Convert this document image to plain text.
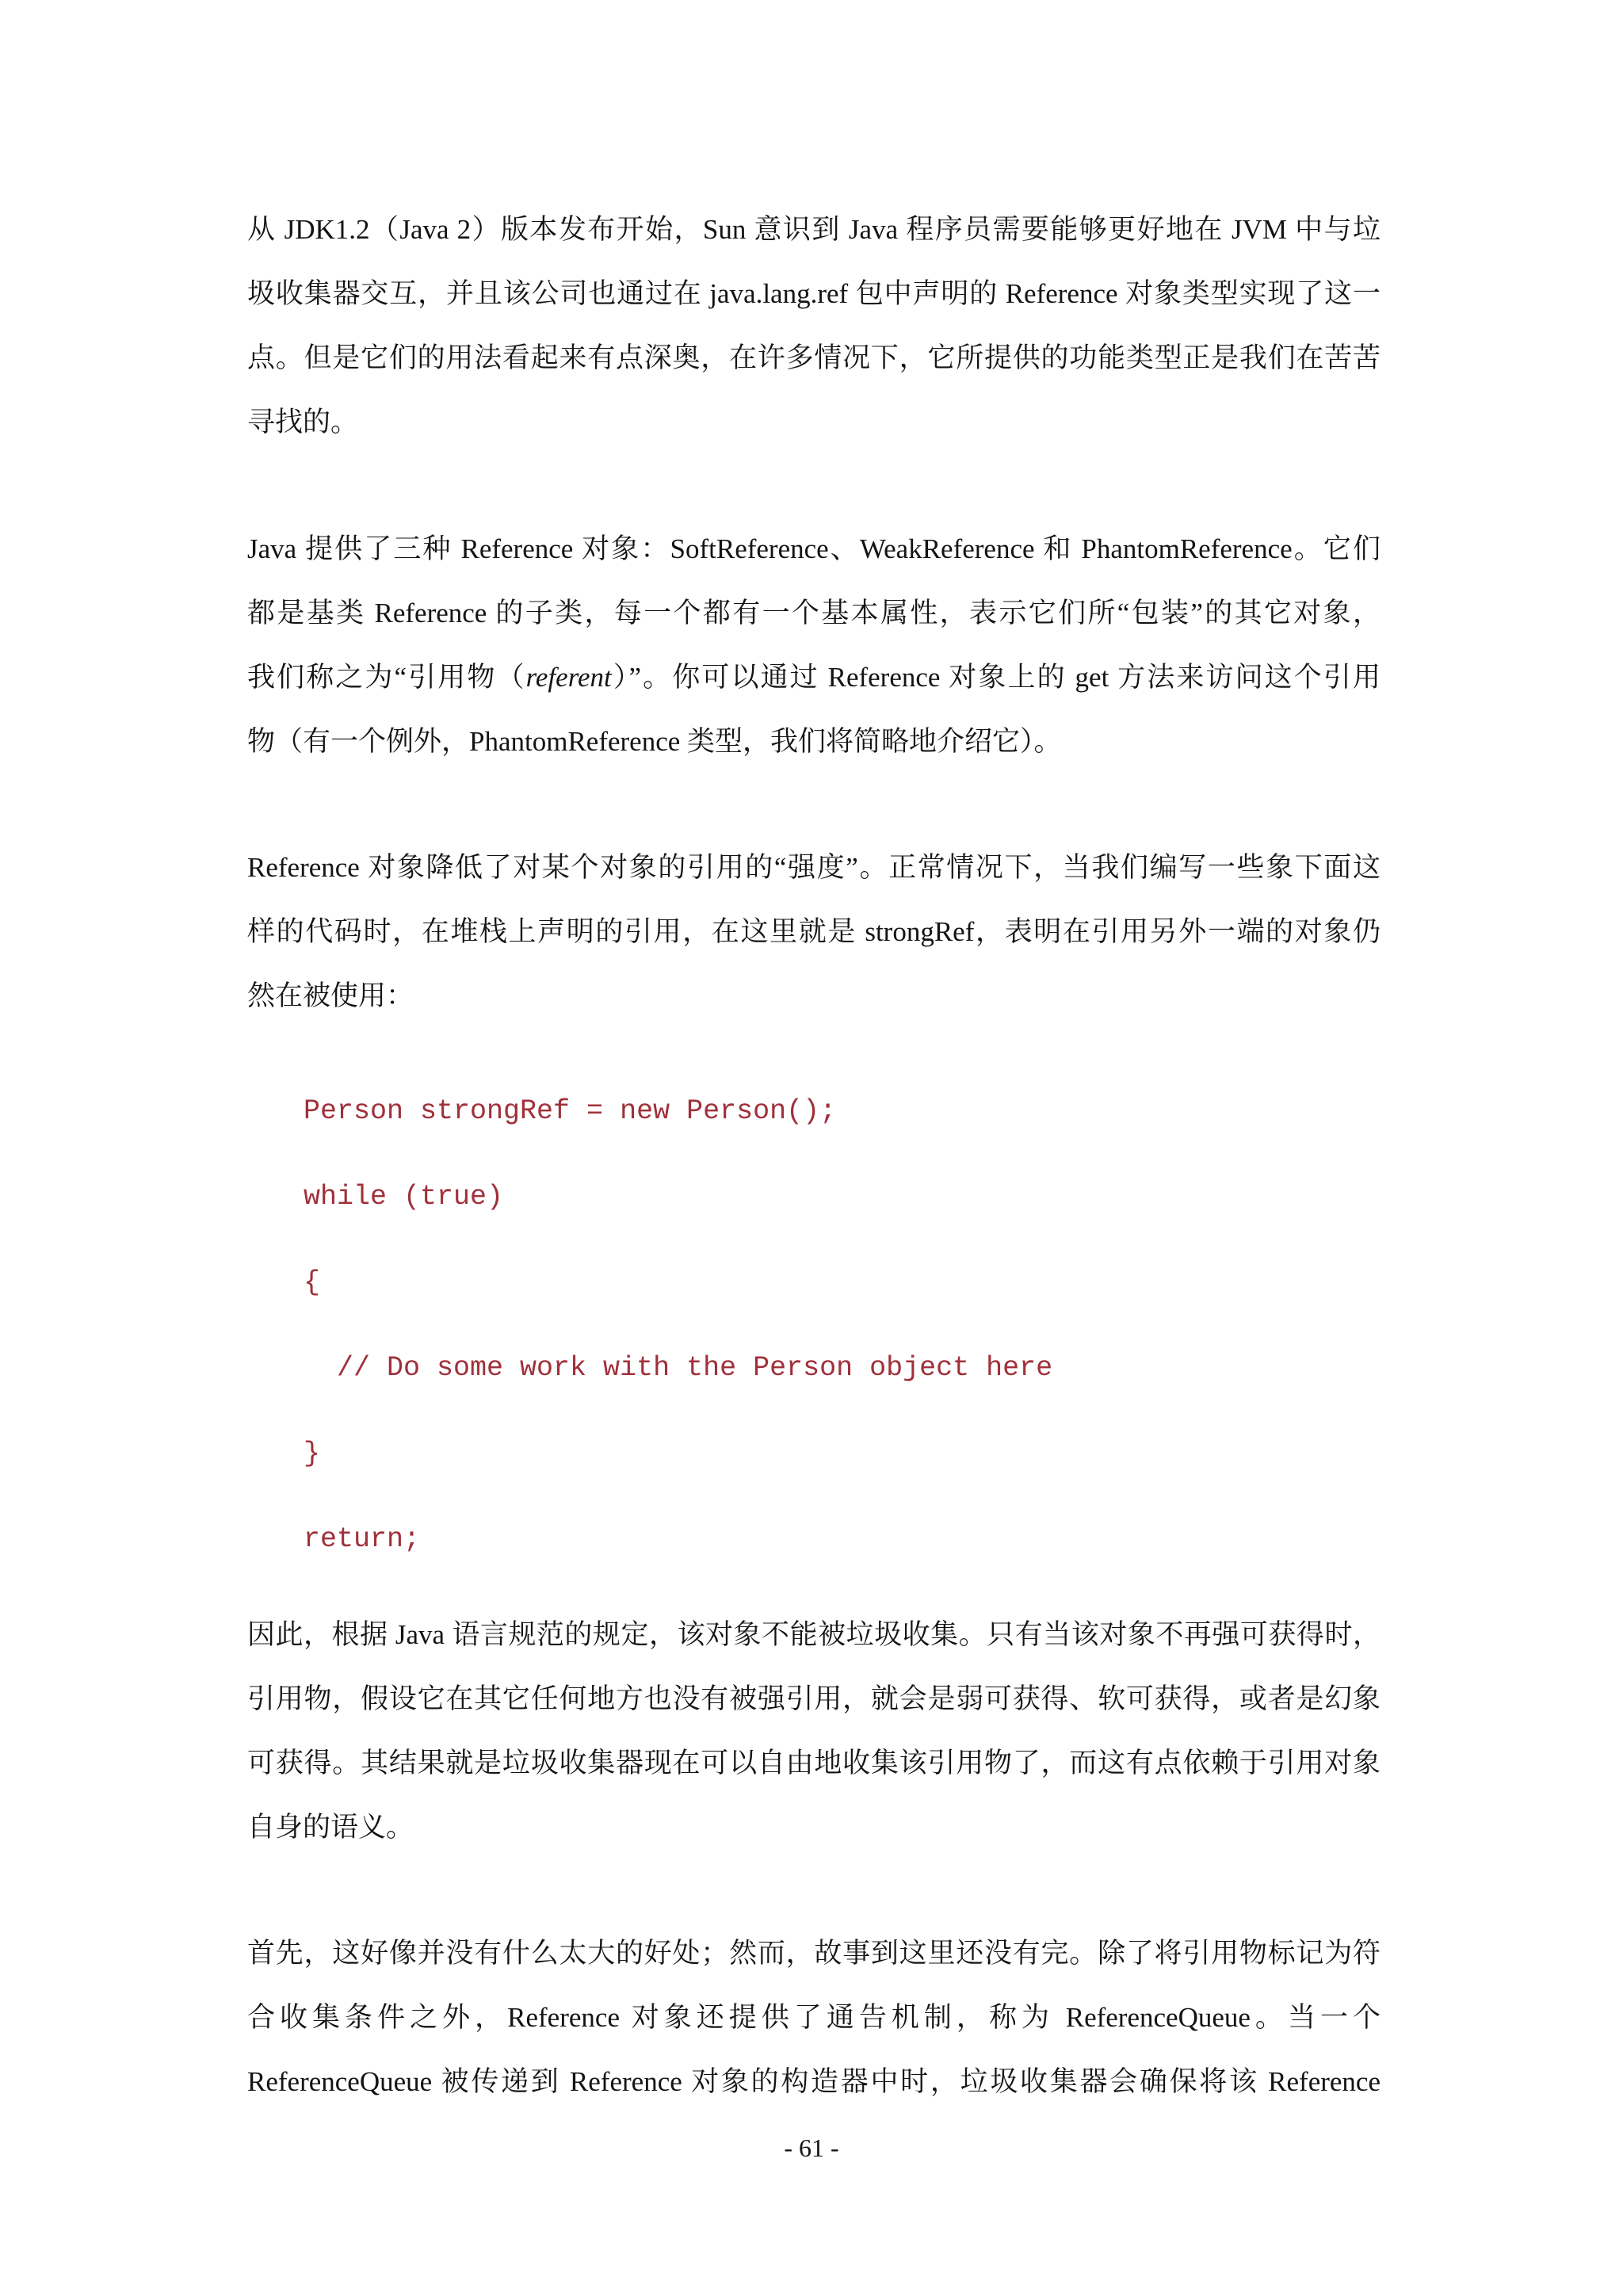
从 JDK1.2（Java 2）版本发布开始，Sun 意识到 Java 程序员需要能够更好地在 JVM 中与垃
圾收集器交互，并且该公司也通过在 java.lang.ref 包中声明的 Reference 对象类型实现了这一
点。但是它们的用法看起来有点深奥，在许多情况下，它所提供的功能类型正是我们在苦苦
寻找的。
Java 提供了三种 Reference 对象：SoftReference、WeakReference 和 PhantomReference。它们
都是基类 Reference 的子类，每一个都有一个基本属性，表示它们所“包装”的其它对象，
我们称之为“引用物（referent）”。你可以通过 Reference 对象上的 get 方法来访问这个引用
物（有一个例外，PhantomReference 类型，我们将简略地介绍它）。
Reference 对象降低了对某个对象的引用的“强度”。正常情况下，当我们编写一些象下面这
样的代码时，在堆栈上声明的引用，在这里就是 strongRef，表明在引用另外一端的对象仍
然在被使用：
Person strongRef = new Person();
while (true)
{
// Do some work with the Person object here
}
return;
因此，根据 Java 语言规范的规定，该对象不能被垃圾收集。只有当该对象不再强可获得时，
引用物，假设它在其它任何地方也没有被强引用，就会是弱可获得、软可获得，或者是幻象
可获得。其结果就是垃圾收集器现在可以自由地收集该引用物了，而这有点依赖于引用对象
自身的语义。
首先，这好像并没有什么太大的好处；然而，故事到这里还没有完。除了将引用物标记为符
合收集条件之外，Reference 对象还提供了通告机制，称为 ReferenceQueue。当一个
ReferenceQueue 被传递到 Reference 对象的构造器中时，垃圾收集器会确保将该 Reference
- 61 -
